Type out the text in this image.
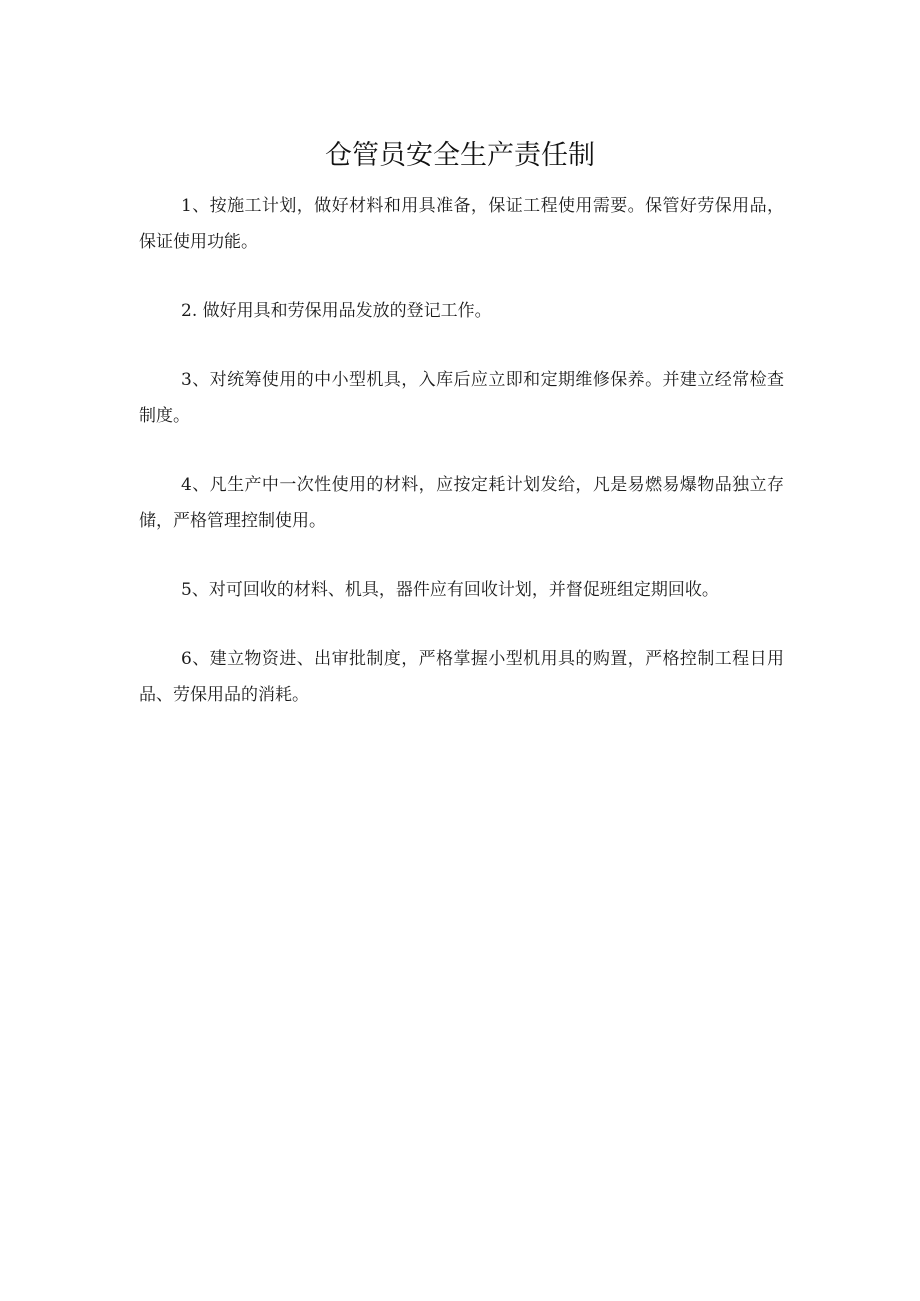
仓管员安全生产责任制

1、按施工计划，做好材料和用具准备，保证工程使用需要。保管好劳保用品，保证使用功能。

2. 做好用具和劳保用品发放的登记工作。

3、对统筹使用的中小型机具，入库后应立即和定期维修保养。并建立经常检查制度。

4、凡生产中一次性使用的材料，应按定耗计划发给，凡是易燃易爆物品独立存储，严格管理控制使用。

5、对可回收的材料、机具，器件应有回收计划，并督促班组定期回收。

6、建立物资进、出审批制度，严格掌握小型机用具的购置，严格控制工程日用品、劳保用品的消耗。
